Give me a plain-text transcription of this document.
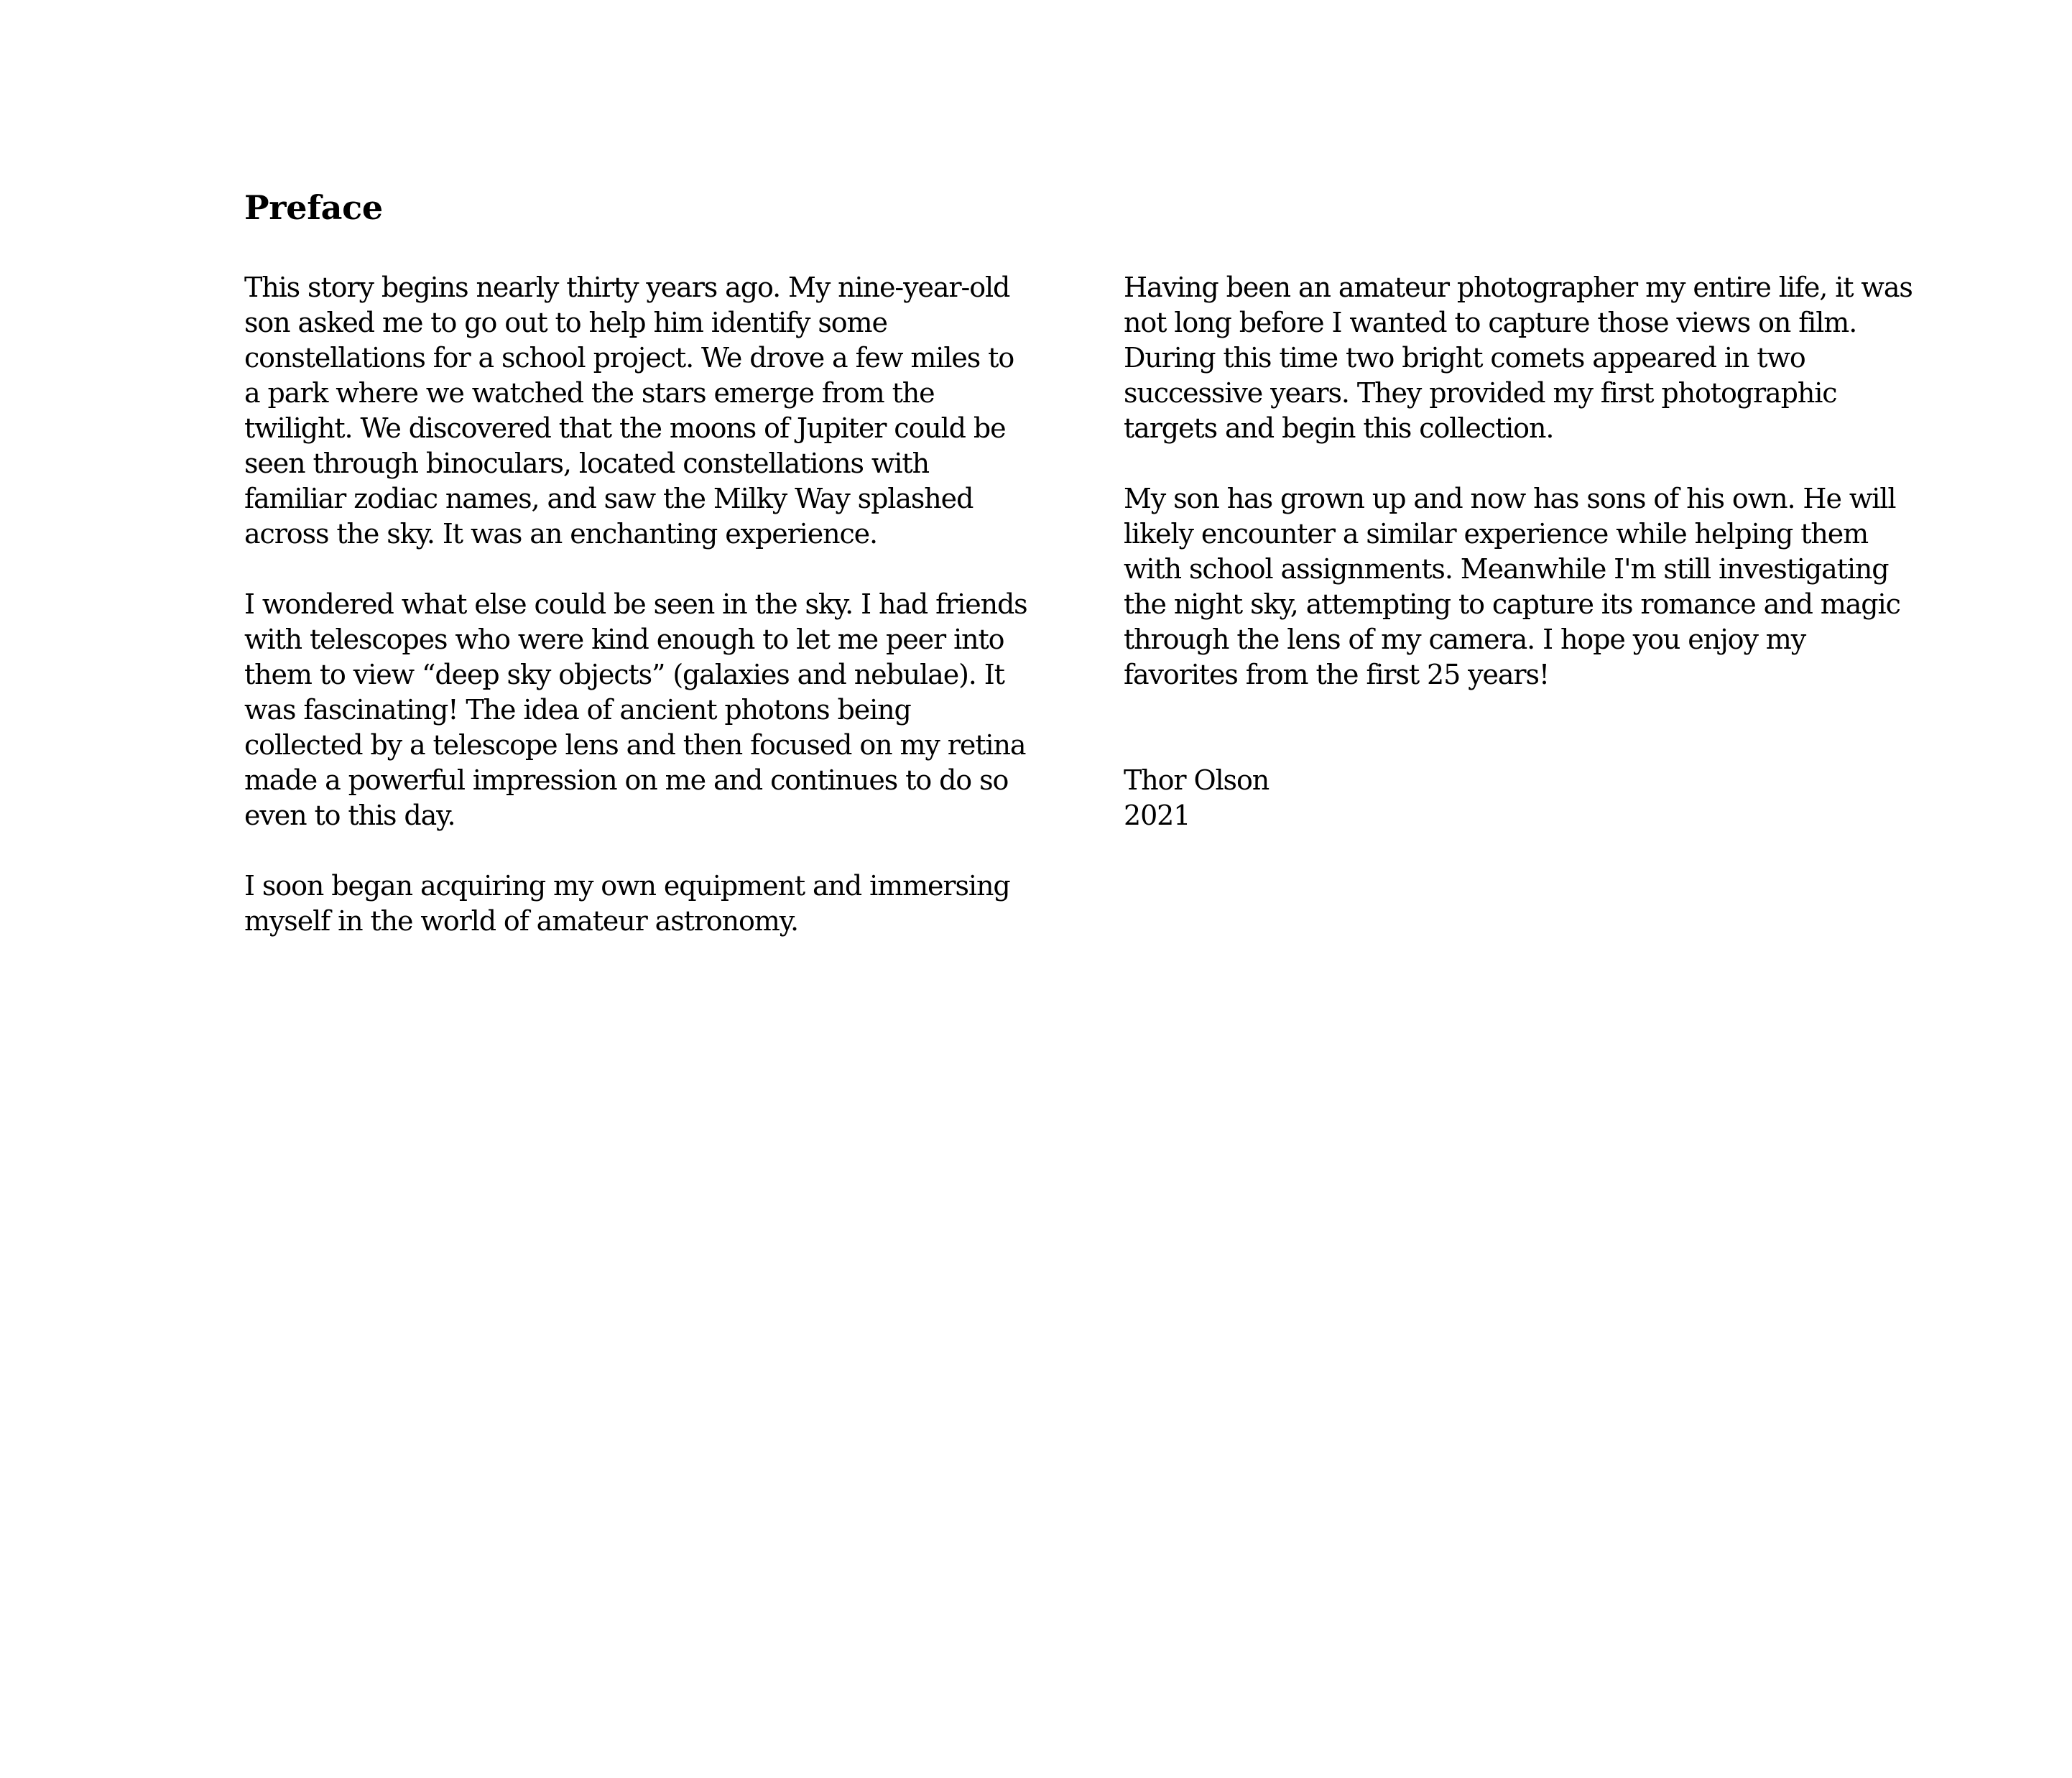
Preface

This story begins nearly thirty years ago. My nine-year-old
son asked me to go out to help him identify some
constellations for a school project. We drove a few miles to
a park where we watched the stars emerge from the
twilight. We discovered that the moons of Jupiter could be
seen through binoculars, located constellations with
familiar zodiac names, and saw the Milky Way splashed
across the sky. It was an enchanting experience.

I wondered what else could be seen in the sky. I had friends
with telescopes who were kind enough to let me peer into
them to view “deep sky objects” (galaxies and nebulae). It
was fascinating! The idea of ancient photons being
collected by a telescope lens and then focused on my retina
made a powerful impression on me and continues to do so
even to this day.

I soon began acquiring my own equipment and immersing
myself in the world of amateur astronomy.

Having been an amateur photographer my entire life, it was
not long before I wanted to capture those views on film.
During this time two bright comets appeared in two
successive years. They provided my first photographic
targets and begin this collection.

My son has grown up and now has sons of his own. He will
likely encounter a similar experience while helping them
with school assignments. Meanwhile I'm still investigating
the night sky, attempting to capture its romance and magic
through the lens of my camera. I hope you enjoy my
favorites from the first 25 years!

Thor Olson
2021
